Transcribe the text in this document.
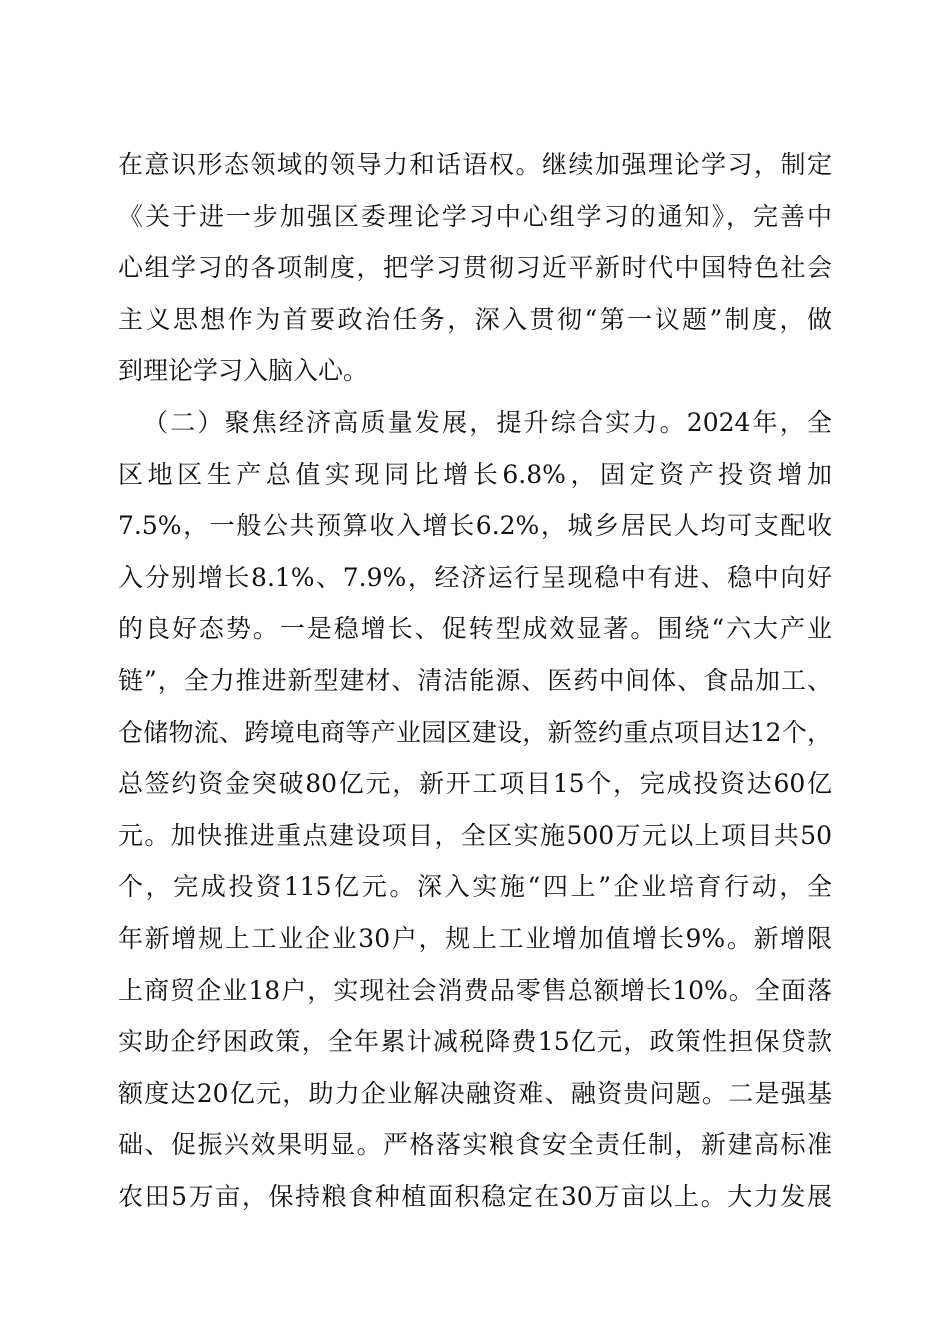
在意识形态领域的领导力和话语权。继续加强理论学习，制定
《关于进一步加强区委理论学习中心组学习的通知》，完善中
心组学习的各项制度，把学习贯彻习近平新时代中国特色社会
主义思想作为首要政治任务，深入贯彻“第一议题”制度，做
到理论学习入脑入心。
（二）聚焦经济高质量发展，提升综合实力。2024年，全
区地区生产总值实现同比增长6.8%，固定资产投资增加
7.5%，一般公共预算收入增长6.2%，城乡居民人均可支配收
入分别增长8.1%、7.9%，经济运行呈现稳中有进、稳中向好
的良好态势。一是稳增长、促转型成效显著。围绕“六大产业
链”，全力推进新型建材、清洁能源、医药中间体、食品加工、
仓储物流、跨境电商等产业园区建设，新签约重点项目达12个，
总签约资金突破80亿元，新开工项目15个，完成投资达60亿
元。加快推进重点建设项目，全区实施500万元以上项目共50
个，完成投资115亿元。深入实施“四上”企业培育行动，全
年新增规上工业企业30户，规上工业增加值增长9%。新增限
上商贸企业18户，实现社会消费品零售总额增长10%。全面落
实助企纾困政策，全年累计减税降费15亿元，政策性担保贷款
额度达20亿元，助力企业解决融资难、融资贵问题。二是强基
础、促振兴效果明显。严格落实粮食安全责任制，新建高标准
农田5万亩，保持粮食种植面积稳定在30万亩以上。大力发展
